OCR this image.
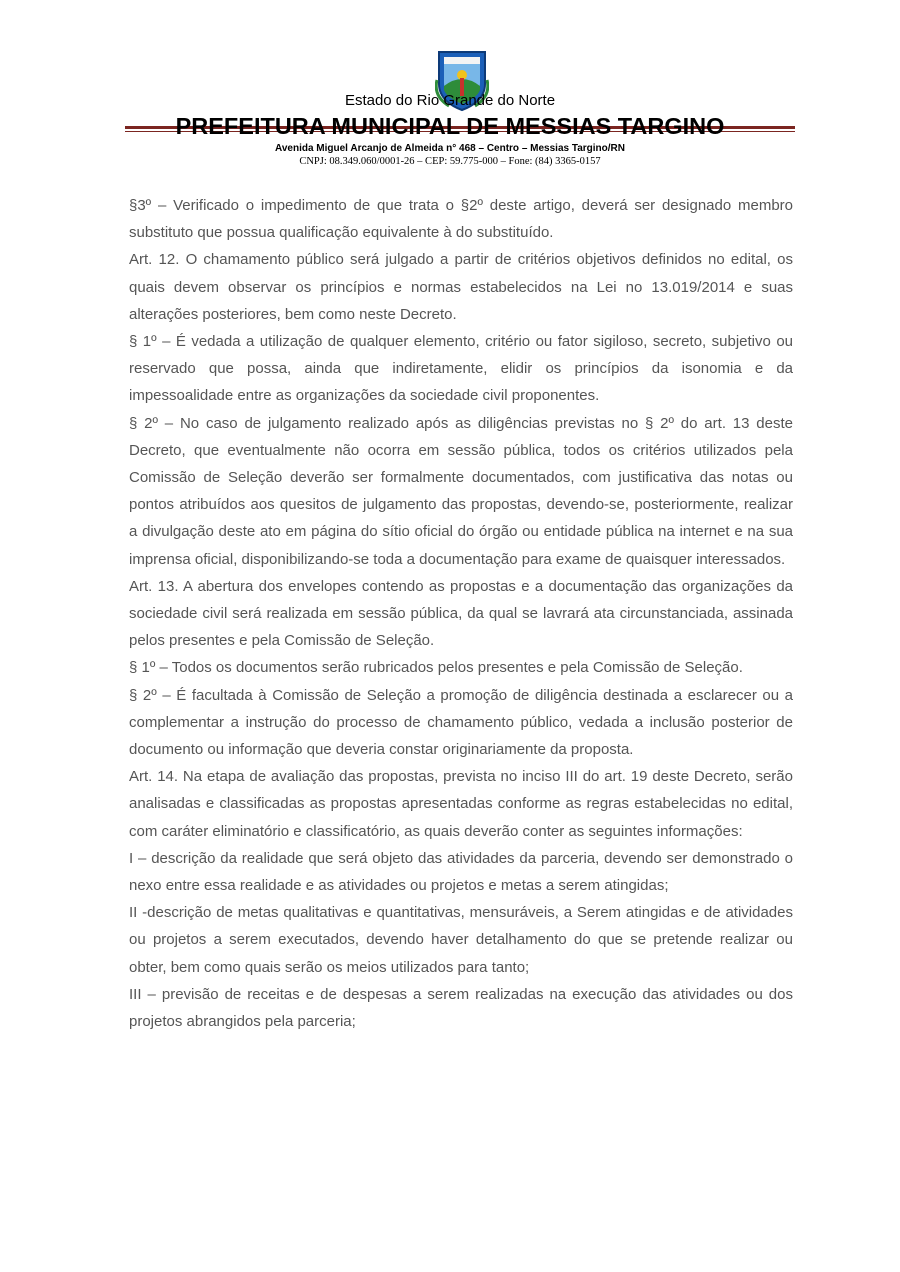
Estado do Rio Grande do Norte
PREFEITURA MUNICIPAL DE MESSIAS TARGINO
Avenida Miguel Arcanjo de Almeida n° 468 – Centro – Messias Targino/RN
CNPJ: 08.349.060/0001-26 – CEP: 59.775-000 – Fone: (84) 3365-0157

§3º – Verificado o impedimento de que trata o §2º deste artigo, deverá ser designado membro substituto que possua qualificação equivalente à do substituído.

Art. 12. O chamamento público será julgado a partir de critérios objetivos definidos no edital, os quais devem observar os princípios e normas estabelecidos na Lei no 13.019/2014 e suas alterações posteriores, bem como neste Decreto.

§ 1º – É vedada a utilização de qualquer elemento, critério ou fator sigiloso, secreto, subjetivo ou reservado que possa, ainda que indiretamente, elidir os princípios da isonomia e da impessoalidade entre as organizações da sociedade civil proponentes.

§ 2º – No caso de julgamento realizado após as diligências previstas no § 2º do art. 13 deste Decreto, que eventualmente não ocorra em sessão pública, todos os critérios utilizados pela Comissão de Seleção deverão ser formalmente documentados, com justificativa das notas ou pontos atribuídos aos quesitos de julgamento das propostas, devendo-se, posteriormente, realizar a divulgação deste ato em página do sítio oficial do órgão ou entidade pública na internet e na sua imprensa oficial, disponibilizando-se toda a documentação para exame de quaisquer interessados.

Art. 13. A abertura dos envelopes contendo as propostas e a documentação das organizações da sociedade civil será realizada em sessão pública, da qual se lavrará ata circunstanciada, assinada pelos presentes e pela Comissão de Seleção.

§ 1º – Todos os documentos serão rubricados pelos presentes e pela Comissão de Seleção.

§ 2º – É facultada à Comissão de Seleção a promoção de diligência destinada a esclarecer ou a complementar a instrução do processo de chamamento público, vedada a inclusão posterior de documento ou informação que deveria constar originariamente da proposta.

Art. 14. Na etapa de avaliação das propostas, prevista no inciso III do art. 19 deste Decreto, serão analisadas e classificadas as propostas apresentadas conforme as regras estabelecidas no edital, com caráter eliminatório e classificatório, as quais deverão conter as seguintes informações:

I – descrição da realidade que será objeto das atividades da parceria, devendo ser demonstrado o nexo entre essa realidade e as atividades ou projetos e metas a serem atingidas;

II -descrição de metas qualitativas e quantitativas, mensuráveis, a Serem atingidas e de atividades ou projetos a serem executados, devendo haver detalhamento do que se pretende realizar ou obter, bem como quais serão os meios utilizados para tanto;

III – previsão de receitas e de despesas a serem realizadas na execução das atividades ou dos projetos abrangidos pela parceria;
